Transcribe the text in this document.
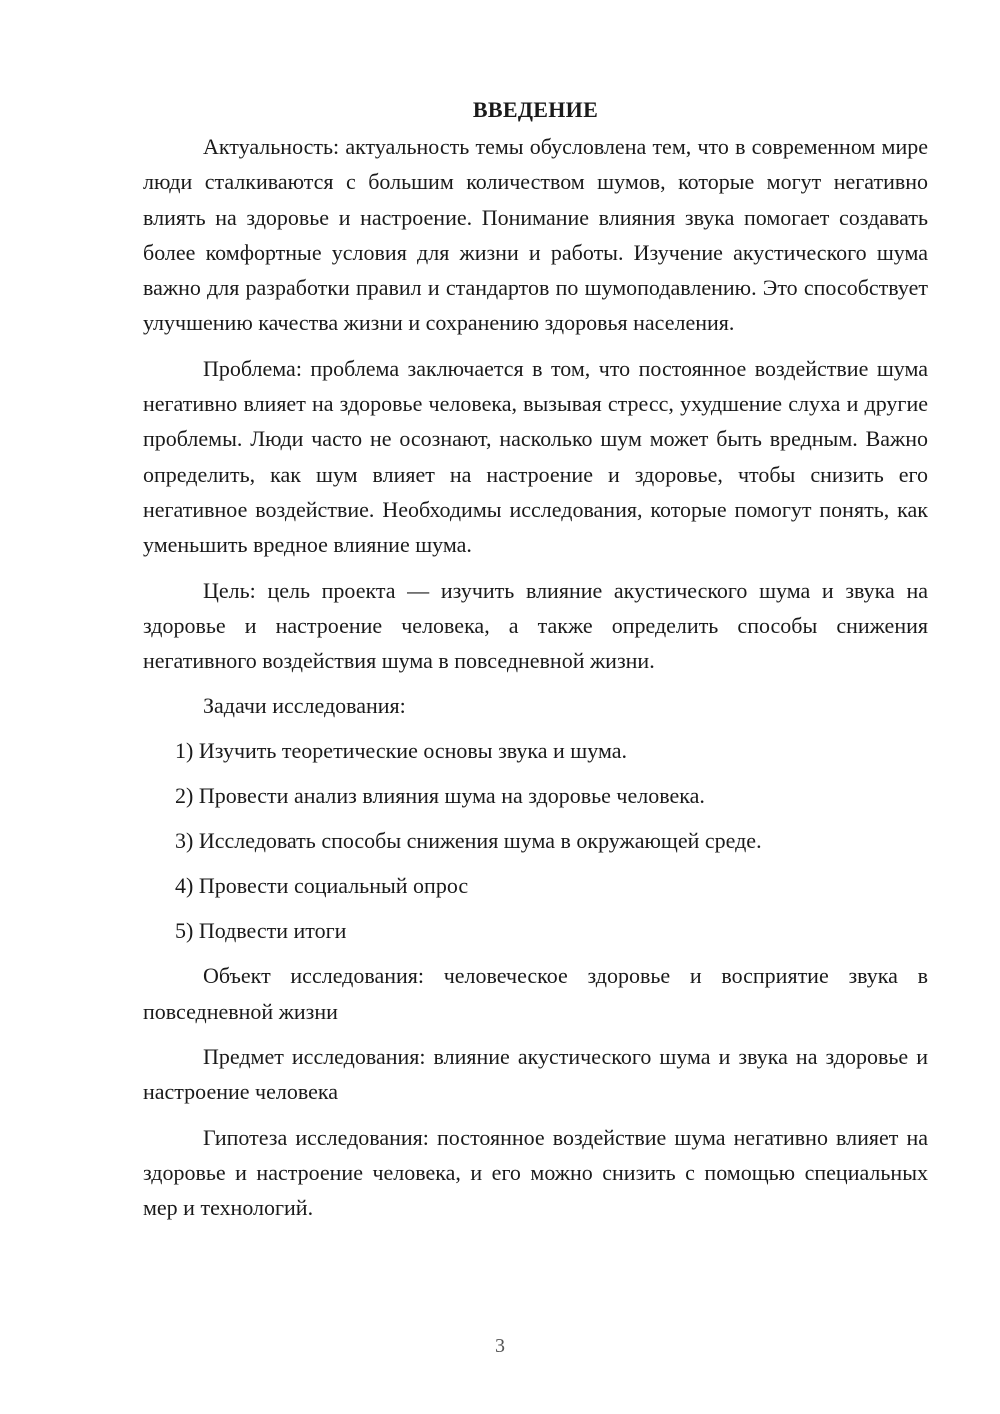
ВВЕДЕНИЕ

Актуальность: актуальность темы обусловлена тем, что в современном мире люди сталкиваются с большим количеством шумов, которые могут негативно влиять на здоровье и настроение. Понимание влияния звука помогает создавать более комфортные условия для жизни и работы. Изучение акустического шума важно для разработки правил и стандартов по шумоподавлению. Это способствует улучшению качества жизни и сохранению здоровья населения.

Проблема: проблема заключается в том, что постоянное воздействие шума негативно влияет на здоровье человека, вызывая стресс, ухудшение слуха и другие проблемы. Люди часто не осознают, насколько шум может быть вредным. Важно определить, как шум влияет на настроение и здоровье, чтобы снизить его негативное воздействие. Необходимы исследования, которые помогут понять, как уменьшить вредное влияние шума.

Цель: цель проекта — изучить влияние акустического шума и звука на здоровье и настроение человека, а также определить способы снижения негативного воздействия шума в повседневной жизни.

Задачи исследования:
1) Изучить теоретические основы звука и шума.
2) Провести анализ влияния шума на здоровье человека.
3) Исследовать способы снижения шума в окружающей среде.
4) Провести социальный опрос
5) Подвести итоги

Объект исследования: человеческое здоровье и восприятие звука в повседневной жизни

Предмет исследования: влияние акустического шума и звука на здоровье и настроение человека

Гипотеза исследования: постоянное воздействие шума негативно влияет на здоровье и настроение человека, и его можно снизить с помощью специальных мер и технологий.

3
